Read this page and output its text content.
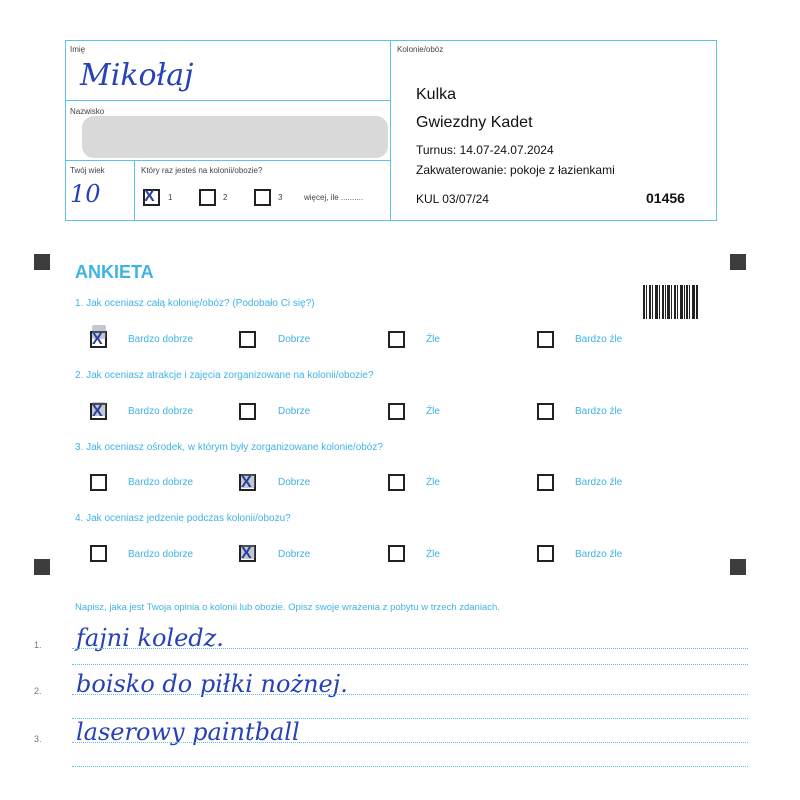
Imię
Mikołaj
Nazwisko
Twój wiek
10
Który raz jesteś na kolonii/obozie?
X 1	2	3	więcej, ile ..........
Kolonie/obóz
Kulka
Gwiezdny Kadet
Turnus: 14.07-24.07.2024
Zakwaterowanie: pokoje z łazienkami
KUL 03/07/24	01456
ANKIETA
1. Jak oceniasz całą kolonię/obóz? (Podobało Ci się?)
X	Bardzo dobrze	Dobrze	Źle	Bardzo źle
2. Jak oceniasz atrakcje i zajęcia zorganizowane na kolonii/obozie?
X	Bardzo dobrze	Dobrze	Źle	Bardzo źle
3. Jak oceniasz ośrodek, w którym były zorganizowane kolonie/obóz?
Bardzo dobrze	X	Dobrze	Źle	Bardzo źle
4. Jak oceniasz jedzenie podczas kolonii/obozu?
Bardzo dobrze	X	Dobrze	Źle	Bardzo źle
Napisz, jaka jest Twoja opinia o kolonii lub obozie. Opisz swoje wrażenia z pobytu w trzech zdaniach.
1. fajni koledz.
2. boisko do piłki nożnej.
3. laserowy paintball
